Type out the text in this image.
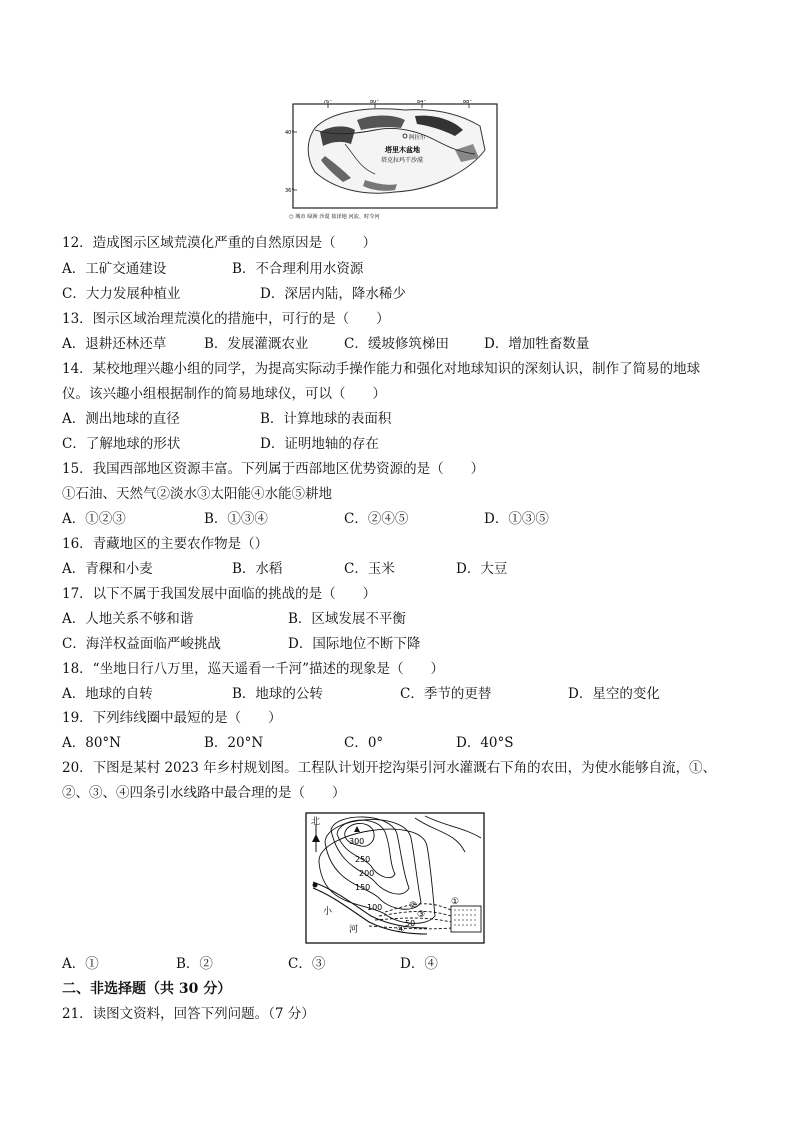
76°	80°	84°	88°
40°
36°
阿拉尔
塔里木盆地
塔克拉玛干沙漠
○ 城市 绿洲 沙漠 盐泽地 河流、时令河
12．造成图示区域荒漠化严重的自然原因是（　　）
A．工矿交通建设	B．不合理利用水资源
C．大力发展种植业	D．深居内陆，降水稀少
13．图示区域治理荒漠化的措施中，可行的是（　　）
A．退耕还林还草	B．发展灌溉农业	C．缓坡修筑梯田	D．增加牲畜数量
14．某校地理兴趣小组的同学，为提高实际动手操作能力和强化对地球知识的深刻认识，制作了简易的地球
仪。该兴趣小组根据制作的简易地球仪，可以（　　）
A．测出地球的直径	B．计算地球的表面积
C．了解地球的形状	D．证明地轴的存在
15．我国西部地区资源丰富。下列属于西部地区优势资源的是（　　）
①石油、天然气②淡水③太阳能④水能⑤耕地
A．①②③	B．①③④	C．②④⑤	D．①③⑤
16．青藏地区的主要农作物是（）
A．青稞和小麦	B．水稻	C．玉米	D．大豆
17．以下不属于我国发展中面临的挑战的是（　　）
A．人地关系不够和谐	B．区域发展不平衡
C．海洋权益面临严峻挑战	D．国际地位不断下降
18．“坐地日行八万里，巡天遥看一千河”描述的现象是（　　）
A．地球的自转	B．地球的公转	C．季节的更替	D．星空的变化
19．下列纬线圈中最短的是（　　）
A．80°N	B．20°N	C．0°	D．40°S
20．下图是某村 2023 年乡村规划图。工程队计划开挖沟渠引河水灌溉右下角的农田，为使水能够自流，①、
②、③、④四条引水线路中最合理的是（　　）
北
300
250
200
150
100
50
①
②
③
④
小
河
A．①	B．②	C．③	D．④
二、非选择题（共 30 分）
21．读图文资料，回答下列问题。（7 分）
